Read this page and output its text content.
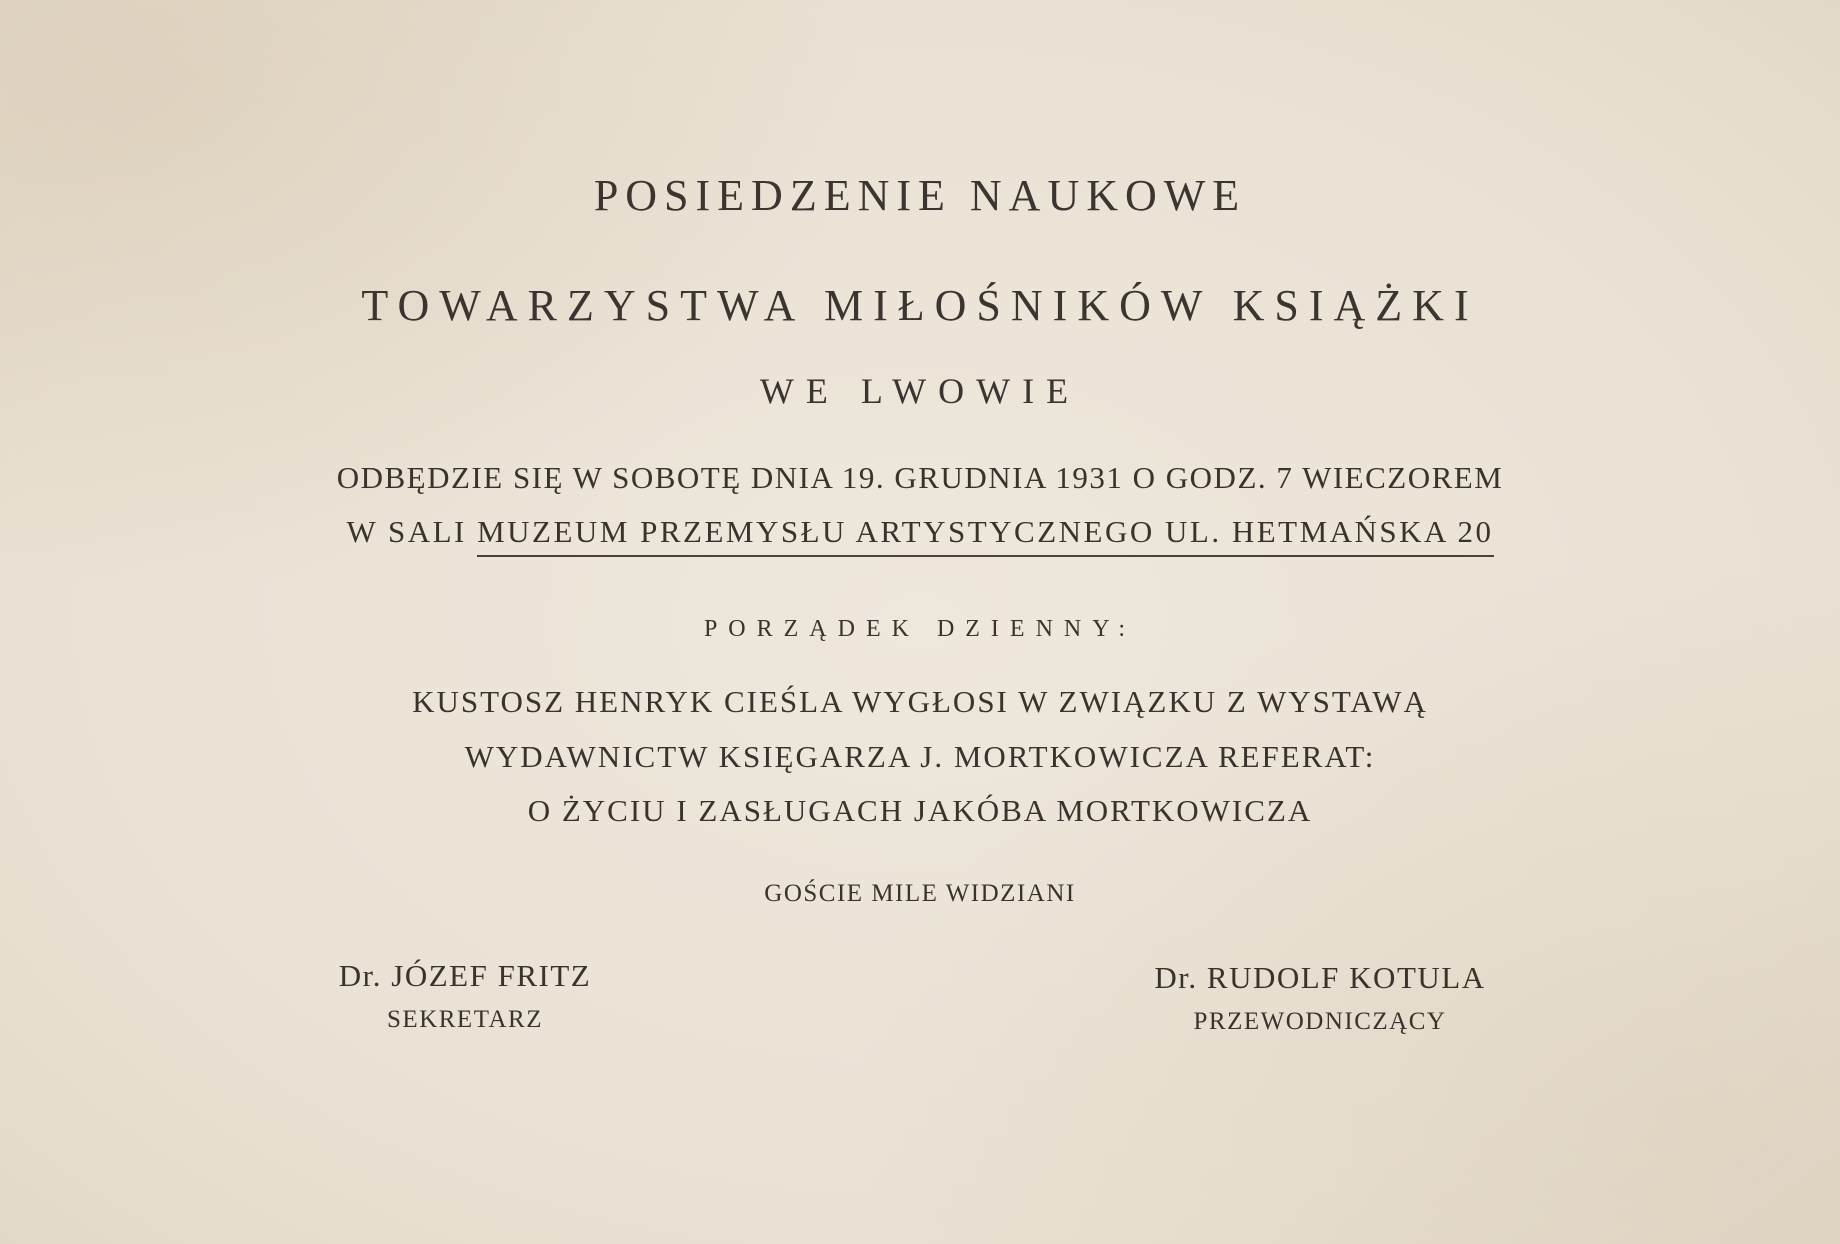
POSIEDZENIE NAUKOWE

TOWARZYSTWA MIŁOŚNIKÓW KSIĄŻKI

WE LWOWIE

ODBĘDZIE SIĘ W SOBOTĘ DNIA 19. GRUDNIA 1931 O GODZ. 7 WIECZOREM

W SALI MUZEUM PRZEMYSŁU ARTYSTYCZNEGO UL. HETMAŃSKA 20

PORZĄDEK DZIENNY:

KUSTOSZ HENRYK CIEŚLA WYGŁOSI W ZWIĄZKU Z WYSTAWĄ

WYDAWNICTW KSIĘGARZA J. MORTKOWICZA REFERAT:

O ŻYCIU I ZASŁUGACH JAKÓBA MORTKOWICZA

GOŚCIE MILE WIDZIANI

Dr. JÓZEF FRITZ
SEKRETARZ
Dr. RUDOLF KOTULA
PRZEWODNICZĄCY
